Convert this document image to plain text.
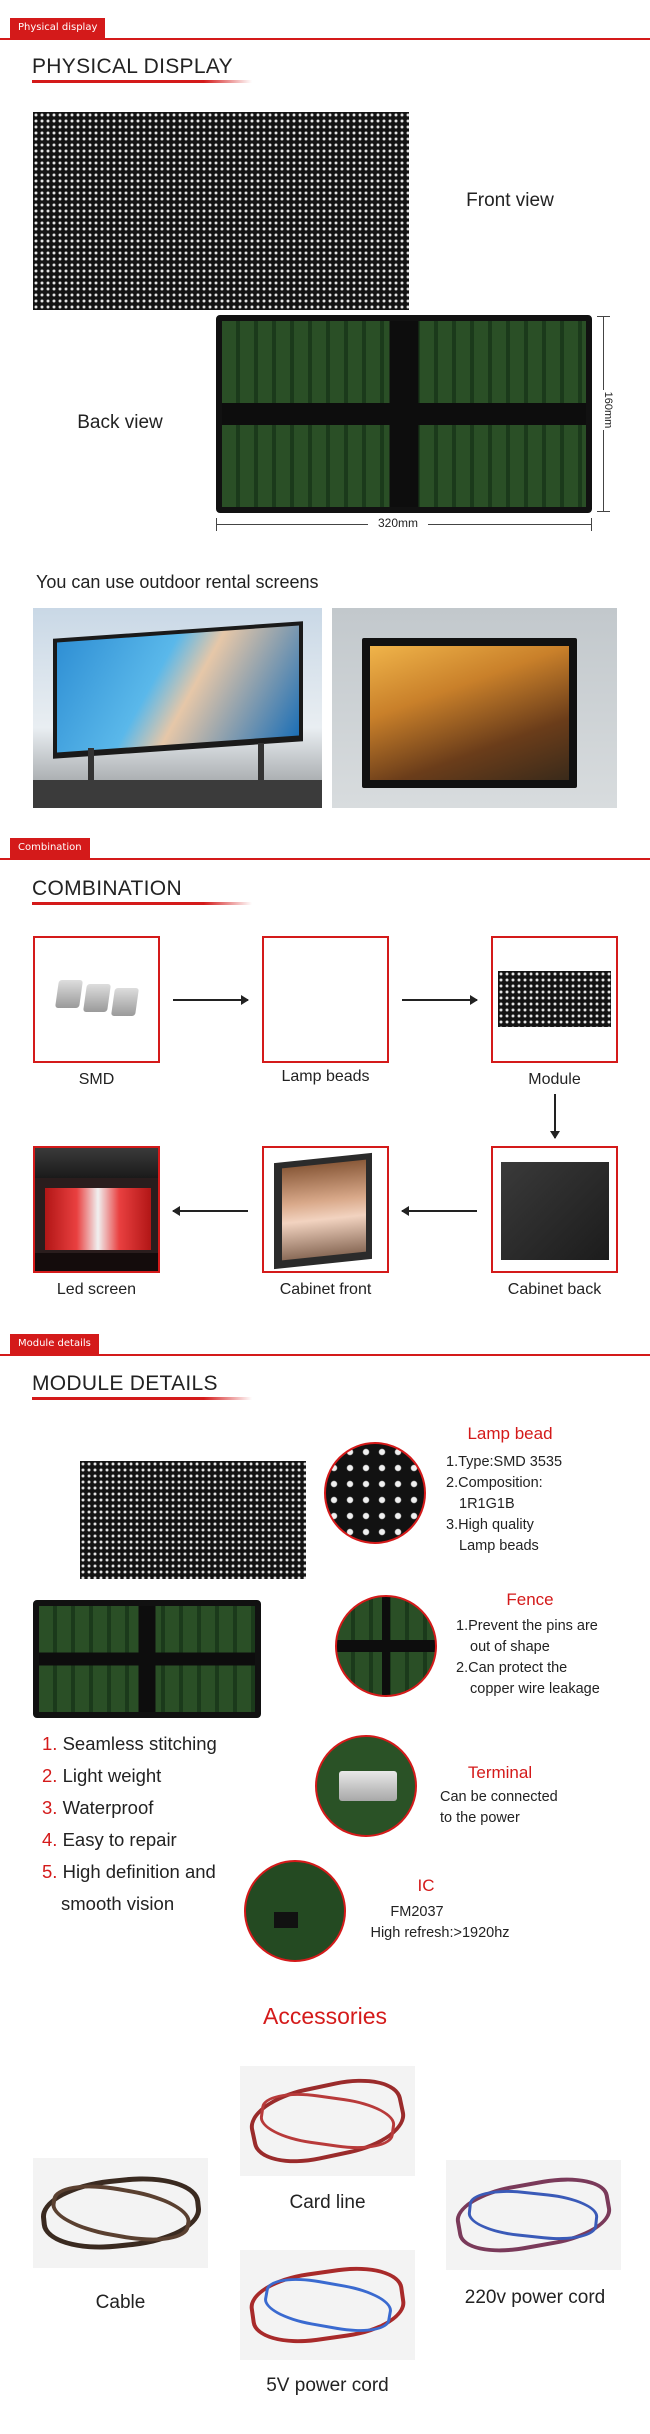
Physical display
PHYSICAL DISPLAY
Front view
Back view	160mm
320mm
You can use outdoor rental screens
Combination
COMBINATION
SMD	Lamp beads	Module
Led screen	Cabinet front	Cabinet back
Module details
MODULE DETAILS
Lamp bead
1.Type:SMD 3535
2.Composition:
1R1G1B
3.High quality
Lamp beads
Fence
1.Prevent the pins are
out of shape
2.Can protect the
copper wire leakage
1. Seamless stitching
2. Light weight
3. Waterproof
4. Easy to repair
5. High definition and
smooth vision
Terminal
Can be connected
to the power
IC
FM2037
High refresh:>1920hz
Accessories
Card line
Cable	220v power cord
5V power cord
